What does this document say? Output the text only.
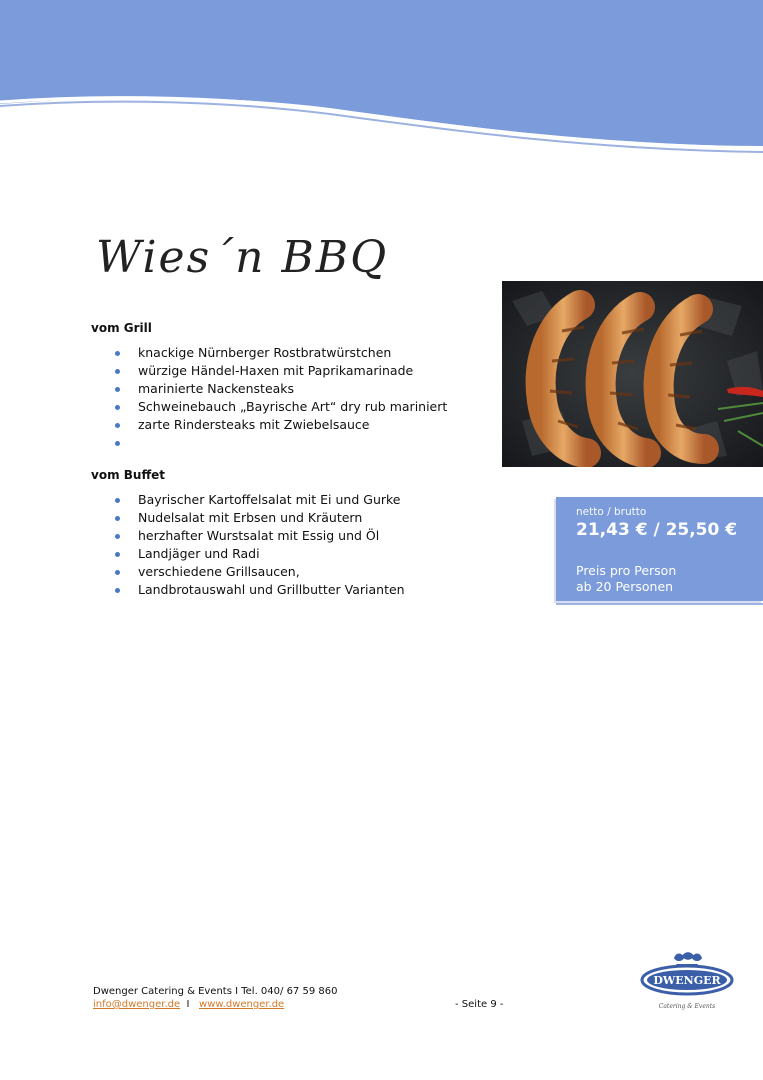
Wies´n BBQ
vom Grill
knackige Nürnberger Rostbratwürstchen
würzige Händel-Haxen mit Paprikamarinade
marinierte Nackensteaks
Schweinebauch „Bayrische Art“ dry rub mariniert
zarte Rindersteaks mit Zwiebelsauce
vom Buffet
Bayrischer Kartoffelsalat mit Ei und Gurke
Nudelsalat mit Erbsen und Kräutern
herzhafter Wurstsalat mit Essig und Öl
Landjäger und Radi
verschiedene Grillsaucen,
Landbrotauswahl und Grillbutter Varianten
netto / brutto
21,43 € / 25,50 €
Preis pro Person
ab 20 Personen
Dwenger Catering & Events I Tel. 040/ 67 59 860
info@dwenger.de I www.dwenger.de	- Seite 9 -
DWENGER
Catering & Events
